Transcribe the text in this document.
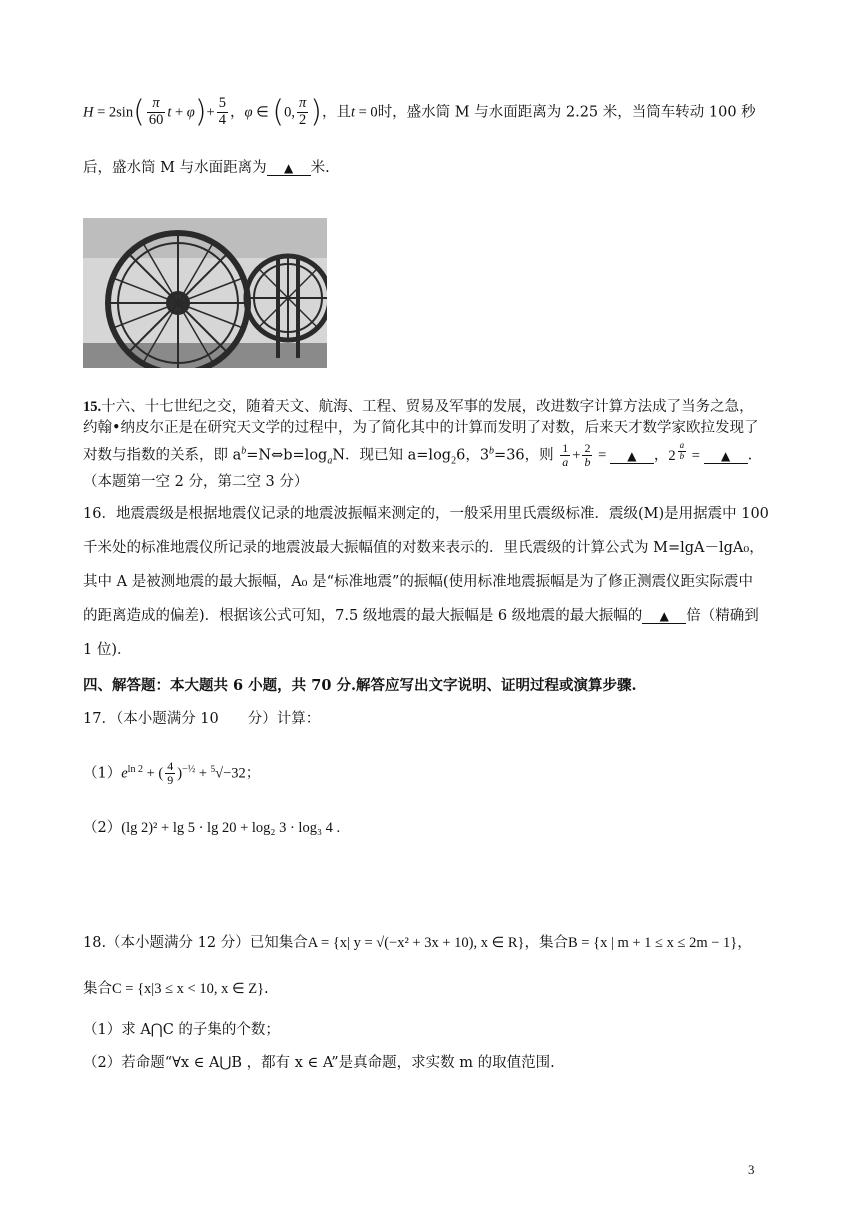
$H = 2\sin( \frac{\pi}{60}$ $t + \varphi)+ \frac{5}{4}$ ，φ ∈ (0, $\frac{\pi}{2}$ )，且t = 0时，盛水筒 M 与水面距离为 2.25 米，当筒车转动 100 秒
后，盛水筒 M 与水面距离为 ▲ 米.
15.十六、十七世纪之交，随着天文、航海、工程、贸易及军事的发展，改进数字计算方法成了当务之急，
约翰•纳皮尔正是在研究天文学的过程中，为了简化其中的计算而发明了对数，后来天才数学家欧拉发现了
对数与指数的关系，即 $a^b=N\Leftrightarrow b=\log_aN$．现已知 $a=\log_26$，$3^b=36$，则 $\frac{1}{a} + \frac{2}{b}$ = ▲ ，2 $^{\frac{a}{b}}$ = ▲ .
（本题第一空 2 分，第二空 3 分）
16．地震震级是根据地震仪记录的地震波振幅来测定的，一般采用里氏震级标准．震级(M)是用据震中 100
千米处的标准地震仪所记录的地震波最大振幅值的对数来表示的．里氏震级的计算公式为 M=lgA－lgA₀，
其中 A 是被测地震的最大振幅，A₀ 是“标准地震”的振幅(使用标准地震振幅是为了修正测震仪距实际震中
的距离造成的偏差)．根据该公式可知，7.5 级地震的最大振幅是 6 级地震的最大振幅的 ▲ 倍（精确到
1 位)．
四、解答题：本大题共 6 小题，共 70 分.解答应写出文字说明、证明过程或演算步骤.
17．（本小题满分 10　　分）计算：
$(1)e^{ln 2}$ + ( $\frac{4}{9} )^{-\frac{1}{2}} + ^5√-32$；
（2）(lg 2)² + lg 5 · lg 20 + log₂ 3 · log₃ 4 .
18.（本小题满分 12 分）已知集合A = {x| y = √(−x² + 3x + 10), x ∈ R}，集合B = {x | m + 1 ≤ x ≤ 2m − 1}，
集合C = {x|3 ≤ x < 10, x ∈ Z}.
（1）求 A⋂C 的子集的个数；
（2）若命题“∀x ∈ A⋃B ，都有 x ∈ A”是真命题，求实数 m 的取值范围.
3
